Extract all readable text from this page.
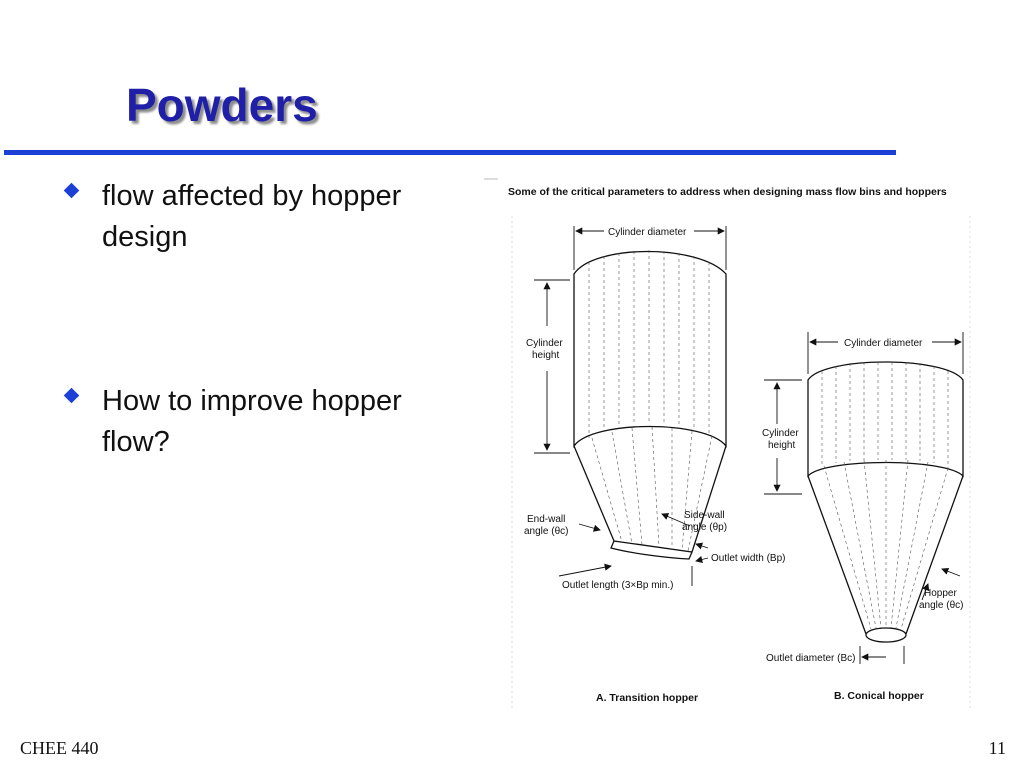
Powders
flow affected by hopper design
How to improve hopper flow?
Some of the critical parameters to address when designing mass flow bins and hoppers
Cylinder diameter
Cylinder
height
End-wall
angle (θc)
Side-wall
angle (θp)
Outlet width (Bp)
Outlet length (3×Bp min.)
A. Transition hopper
Cylinder diameter
Cylinder
height
Hopper
angle (θc)
Outlet diameter (Bc)
B. Conical hopper
CHEE 440	11
